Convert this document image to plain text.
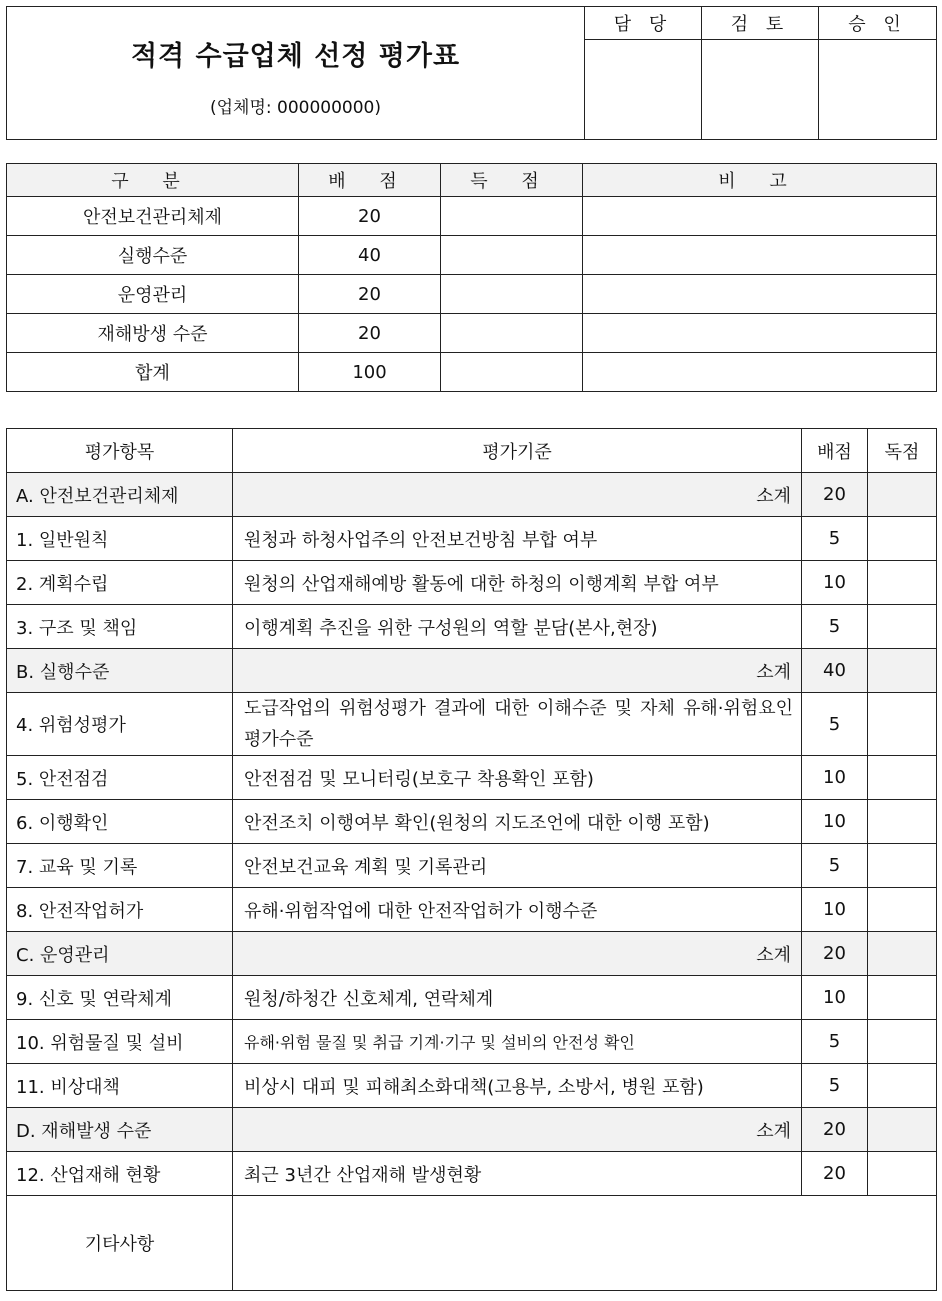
적격 수급업체 선정 평가표
(업체명: 000000000)	담 당	검 토	승 인

구 분	배 점	득 점	비 고
안전보건관리체제	20		
실행수준	40		
운영관리	20		
재해방생 수준	20		
합계	100		
평가항목	평가기준	배점	독점
A. 안전보건관리체제	소계	20	
1. 일반원칙	원청과 하청사업주의 안전보건방침 부합 여부	5	
2. 계획수립	원청의 산업재해예방 활동에 대한 하청의 이행계획 부합 여부	10	
3. 구조 및 책임	이행계획 추진을 위한 구성원의 역할 분담(본사,현장)	5	
B. 실행수준	소계	40	
4. 위험성평가	도급작업의 위험성평가 결과에 대한 이해수준 및 자체 유해·위험요인 평가수준	5	
5. 안전점검	안전점검 및 모니터링(보호구 착용확인 포함)	10	
6. 이행확인	안전조치 이행여부 확인(원청의 지도조언에 대한 이행 포함)	10	
7. 교육 및 기록	안전보건교육 계획 및 기록관리	5	
8. 안전작업허가	유해·위험작업에 대한 안전작업허가 이행수준	10	
C. 운영관리	소계	20	
9. 신호 및 연락체계	원청/하청간 신호체계, 연락체계	10	
10. 위험물질 및 설비	유해·위험 물질 및 취급 기계·기구 및 설비의 안전성 확인	5	
11. 비상대책	비상시 대피 및 피해최소화대책(고용부, 소방서, 병원 포함)	5	
D. 재해발생 수준	소계	20	
12. 산업재해 현황	최근 3년간 산업재해 발생현황	20	
기타사항			
